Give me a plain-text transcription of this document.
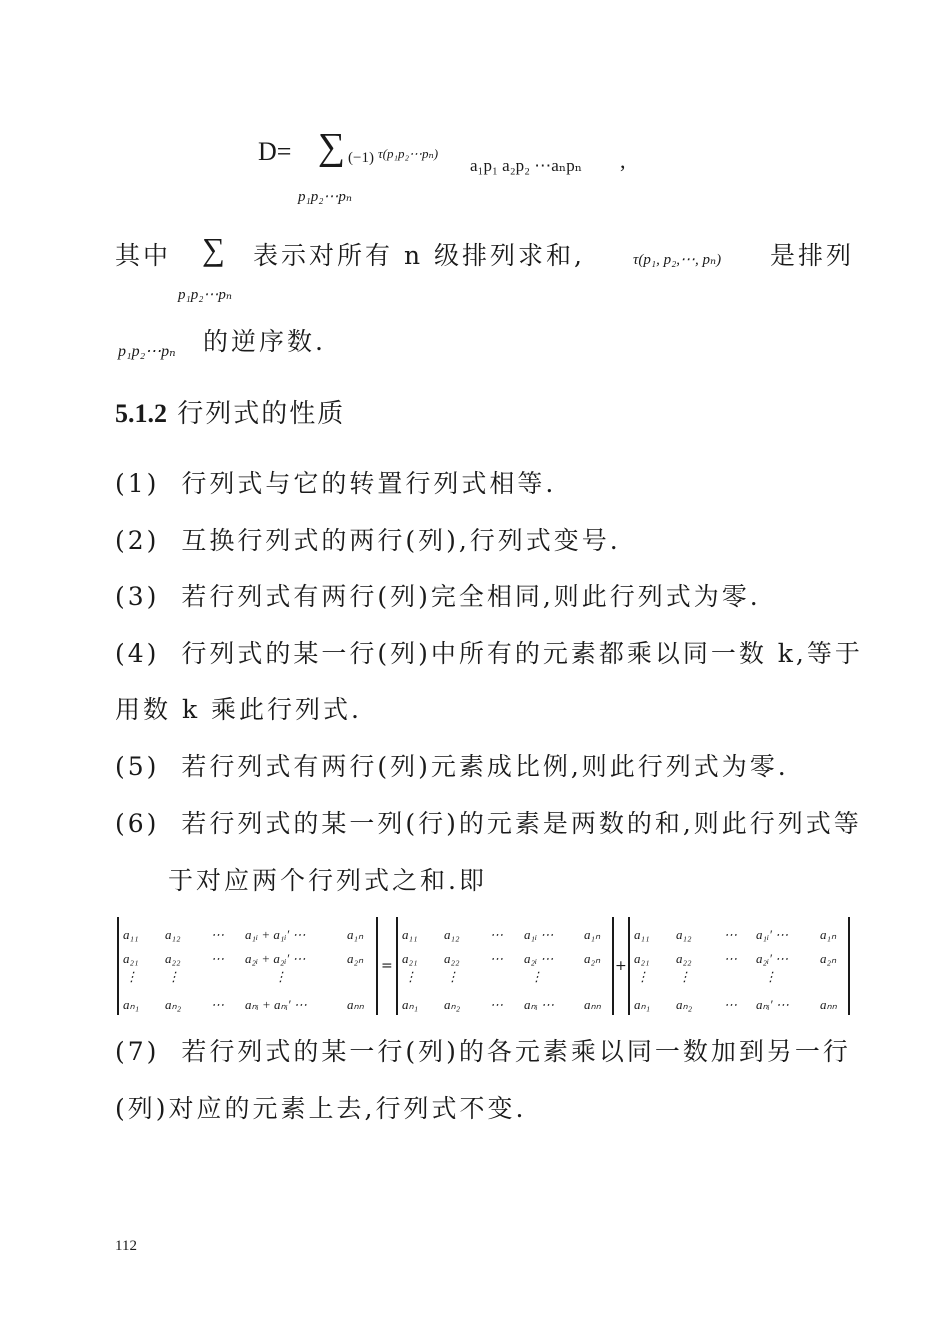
D= ∑ (−1) τ(p₁p₂⋯pₙ)
a₁p₁ a₂p₂ ⋯aₙpₙ ,
p₁p₂⋯pₙ
其中 ∑ 表示对所有 n 级排列求和,	τ(p₁, p₂,⋯, pₙ) 是排列
p₁p₂⋯pₙ
p₁p₂⋯pₙ 的逆序数.
5.1.2 行列式的性质
(1) 行列式与它的转置行列式相等.
(2) 互换行列式的两行(列),行列式变号.
(3) 若行列式有两行(列)完全相同,则此行列式为零.
(4) 行列式的某一行(列)中所有的元素都乘以同一数 k,等于
用数 k 乘此行列式.
(5) 若行列式有两行(列)元素成比例,则此行列式为零.
(6) 若行列式的某一列(行)的元素是两数的和,则此行列式等
于对应两个行列式之和.即
a₁₁ a₁₂ ⋯ a₁ᵢ + a₁ᵢ′ ⋯	a₁ₙ
a₂₁ a₂₂ ⋯ a₂ᵢ + a₂ᵢ′ ⋯	a₂ₙ
⋮ ⋮	⋮
aₙ₁ aₙ₂ ⋯ aₙᵢ + aₙᵢ′ ⋯	aₙₙ
=
a₁₁ a₁₂ ⋯ a₁ᵢ ⋯ a₁ₙ
a₂₁ a₂₂ ⋯ a₂ᵢ ⋯ a₂ₙ
⋮ ⋮	⋮
aₙ₁ aₙ₂ ⋯ aₙᵢ ⋯ aₙₙ
+
a₁₁ a₁₂ ⋯ a₁ᵢ′ ⋯ a₁ₙ
a₂₁ a₂₂ ⋯ a₂ᵢ′ ⋯ a₂ₙ
⋮ ⋮	⋮
aₙ₁ aₙ₂ ⋯ aₙᵢ′ ⋯ aₙₙ
(7) 若行列式的某一行(列)的各元素乘以同一数加到另一行
(列)对应的元素上去,行列式不变.
112
